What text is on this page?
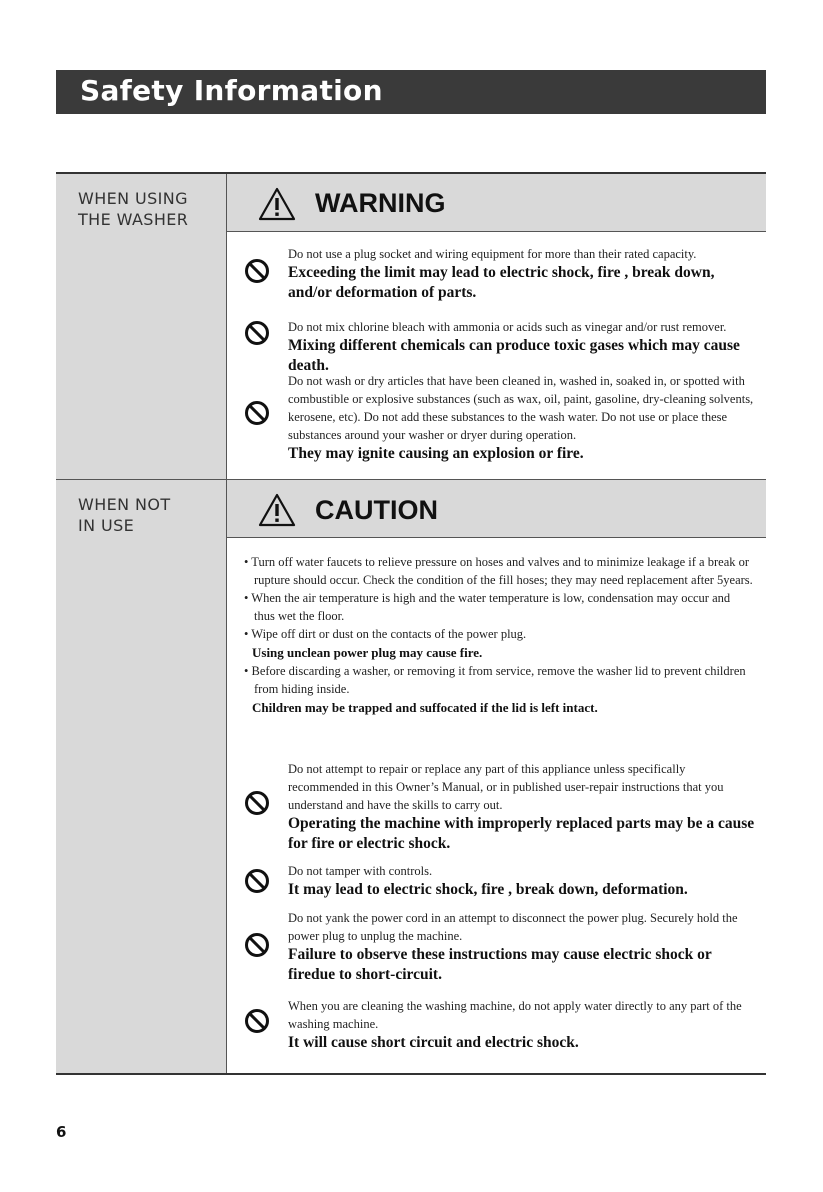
Safety Information
WHEN USING
THE WASHER
WHEN NOT
IN USE
WARNING

Do not use a plug socket and wiring equipment for more than their rated capacity.

Exceeding the limit may lead to electric shock, fire , break down, and/or deformation of parts.

Do not mix chlorine bleach with ammonia or acids such as vinegar and/or rust remover.

Mixing different chemicals can produce toxic gases which may cause death.

Do not wash or dry articles that have been cleaned in, washed in, soaked in, or spotted with combustible or explosive substances (such as wax, oil, paint, gasoline, dry-cleaning solvents, kerosene, etc). Do not add these substances to the wash water. Do not use or place these substances around your washer or dryer during operation.

They may ignite causing an explosion or fire.

CAUTION

• Turn off water faucets to relieve pressure on hoses and valves and to minimize leakage if a break or rupture should occur. Check the condition of the fill hoses; they may need replacement after 5years.

• When the air temperature is high and the water temperature is low, condensation may occur and thus wet the floor.

• Wipe off dirt or dust on the contacts of the power plug.

Using unclean power plug may cause fire.

• Before discarding a washer, or removing it from service, remove the washer lid to prevent children from hiding inside.

Children may be trapped and suffocated if the lid is left intact.

Do not attempt to repair or replace any part of this appliance unless specifically recommended in this Owner’s Manual, or in published user-repair instructions that you understand and have the skills to carry out.

Operating the machine with improperly replaced parts may be a cause for fire or electric shock.

Do not tamper with controls.

It may lead to electric shock, fire , break down, deformation.

Do not yank the power cord in an attempt to disconnect the power plug. Securely hold the power plug to unplug the machine.

Failure to observe these instructions may cause electric shock or firedue to short-circuit.

When you are cleaning the washing machine, do not apply water directly to any part of the washing machine.

It will cause short circuit and electric shock.

6
